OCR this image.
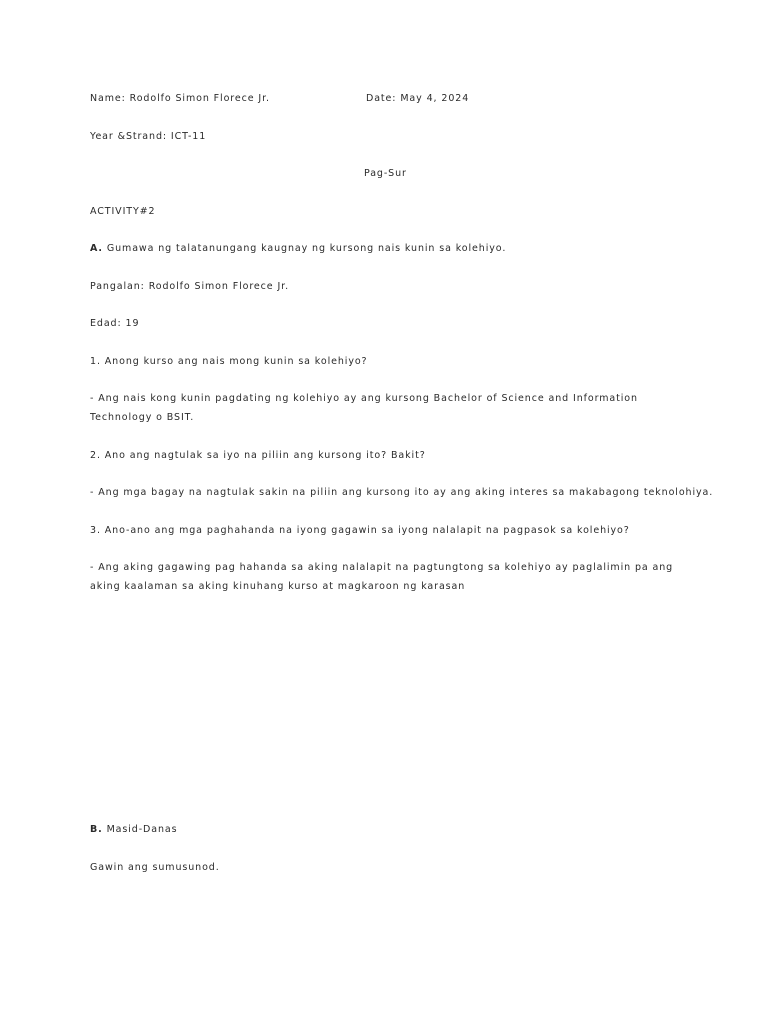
Name: Rodolfo Simon Florece Jr.	Date: May 4, 2024
Year &Strand: ICT-11
Pag-Sur
ACTIVITY#2
A. Gumawa ng talatanungang kaugnay ng kursong nais kunin sa kolehiyo.
Pangalan: Rodolfo Simon Florece Jr.
Edad: 19
1. Anong kurso ang nais mong kunin sa kolehiyo?
- Ang nais kong kunin pagdating ng kolehiyo ay ang kursong Bachelor of Science and Information Technology o BSIT.
2. Ano ang nagtulak sa iyo na piliin ang kursong ito? Bakit?
- Ang mga bagay na nagtulak sakin na piliin ang kursong ito ay ang aking interes sa makabagong teknolohiya.
3. Ano-ano ang mga paghahanda na iyong gagawin sa iyong nalalapit na pagpasok sa kolehiyo?
- Ang aking gagawing pag hahanda sa aking nalalapit na pagtungtong sa kolehiyo ay paglalimin pa ang aking kaalaman sa aking kinuhang kurso at magkaroon ng karasan
B. Masid-Danas
Gawin ang sumusunod.
